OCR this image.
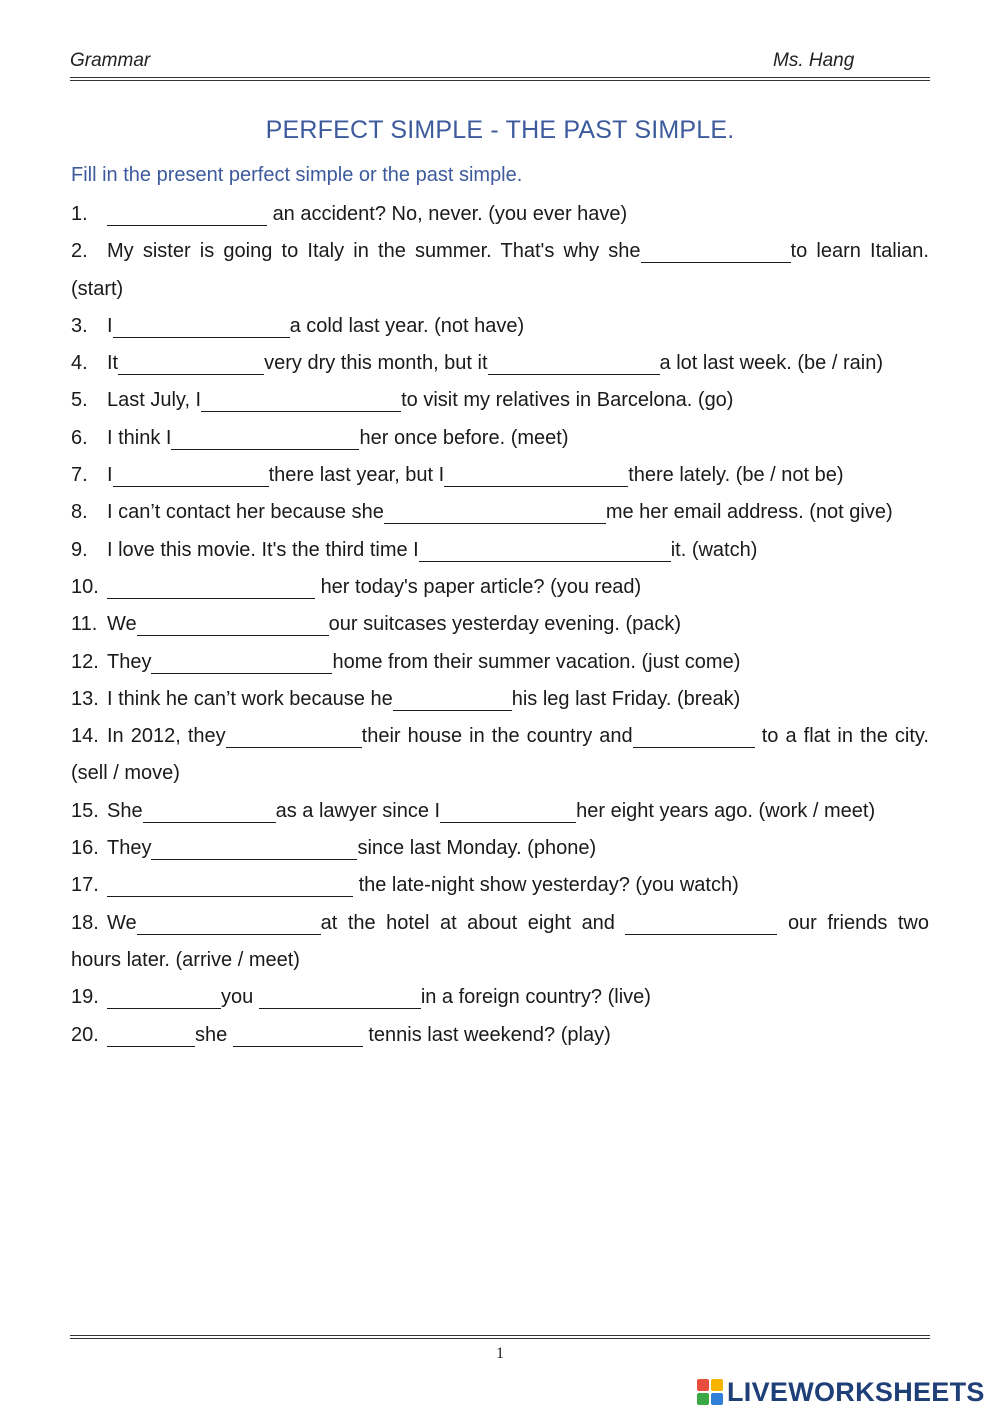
Grammar	Ms. Hang
PERFECT SIMPLE - THE PAST SIMPLE.
Fill in the present perfect simple or the past simple.
1.	an accident? No, never. (you ever have)
2. My sister is going to Italy in the summer. That's why she	to learn Italian. (start)
3. I	a cold last year. (not have)
4. It	very dry this month, but it	a lot last week. (be / rain)
5. Last July, I	to visit my relatives in Barcelona. (go)
6. I think I	her once before. (meet)
7. I	there last year, but I	there lately. (be / not be)
8. I can’t contact her because she	me her email address. (not give)
9. I love this movie. It's the third time I	it. (watch)
10.	her today's paper article? (you read)
11. We	our suitcases yesterday evening. (pack)
12. They	home from their summer vacation. (just come)
13. I think he can’t work because he	his leg last Friday. (break)
14. In 2012, they	their house in the country and	to a flat in the city. (sell / move)
15. She	as a lawyer since I	her eight years ago. (work / meet)
16. They	since last Monday. (phone)
17.	the late-night show yesterday? (you watch)
18. We	at the hotel at about eight and	our friends two hours later. (arrive / meet)
19.	you	in a foreign country? (live)
20.	she	tennis last weekend? (play)
1
LIVEWORKSHEETS
